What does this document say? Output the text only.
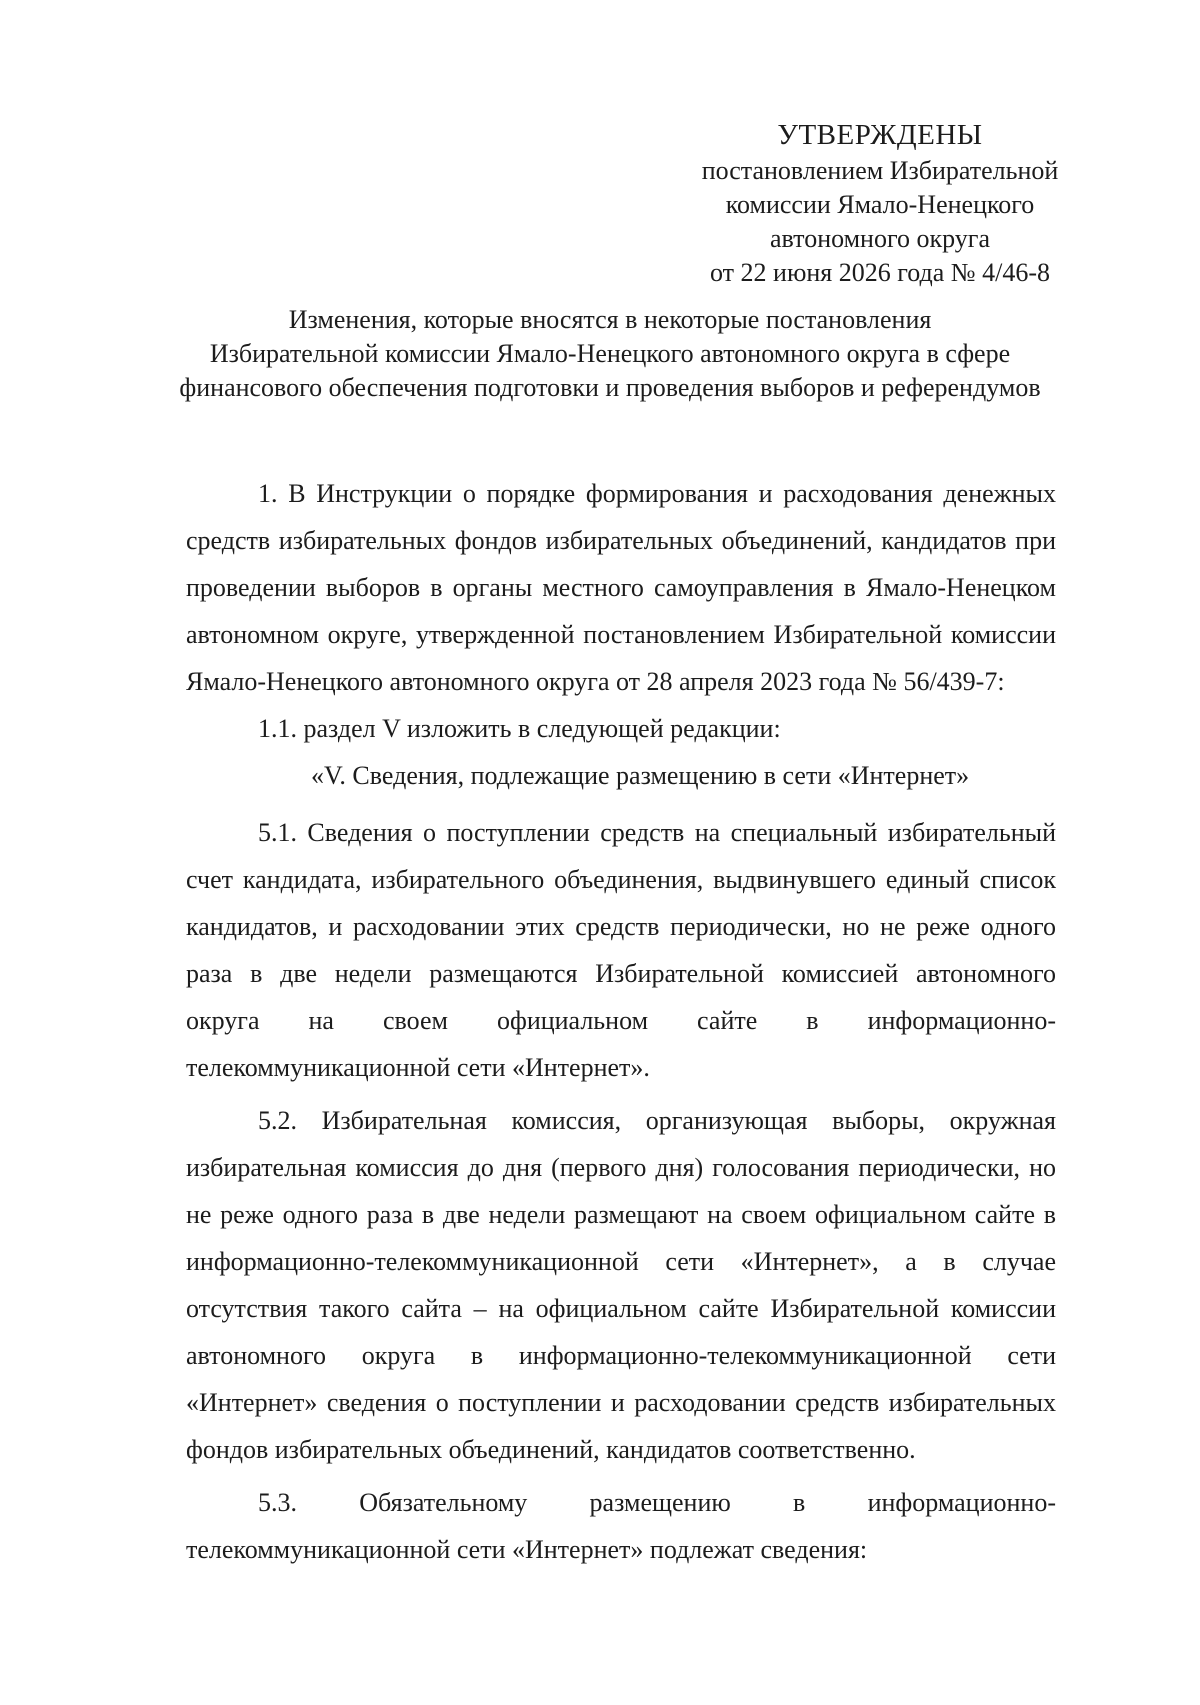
УТВЕРЖДЕНЫ
постановлением Избирательной
комиссии Ямало-Ненецкого
автономного округа
от 22 июня 2026 года № 4/46-8
Изменения, которые вносятся в некоторые постановления
Избирательной комиссии Ямало-Ненецкого автономного округа в сфере
финансового обеспечения подготовки и проведения выборов и референдумов

1. В Инструкции о порядке формирования и расходования денежных средств избирательных фондов избирательных объединений, кандидатов при проведении выборов в органы местного самоуправления в Ямало-Ненецком автономном округе, утвержденной постановлением Избирательной комиссии Ямало-Ненецкого автономного округа от 28 апреля 2023 года № 56/439-7:

1.1. раздел V изложить в следующей редакции:

«V. Сведения, подлежащие размещению в сети «Интернет»

5.1. Сведения о поступлении средств на специальный избирательный счет кандидата, избирательного объединения, выдвинувшего единый список кандидатов, и расходовании этих средств периодически, но не реже одного раза в две недели размещаются Избирательной комиссией автономного округа на своем официальном сайте в информационно-телекоммуникационной сети «Интернет».

5.2. Избирательная комиссия, организующая выборы, окружная избирательная комиссия до дня (первого дня) голосования периодически, но не реже одного раза в две недели размещают на своем официальном сайте в информационно-телекоммуникационной сети «Интернет», а в случае отсутствия такого сайта – на официальном сайте Избирательной комиссии автономного округа в информационно-телекоммуникационной сети «Интернет» сведения о поступлении и расходовании средств избирательных фондов избирательных объединений, кандидатов соответственно.

5.3. Обязательному размещению в информационно-телекоммуникационной сети «Интернет» подлежат сведения:
